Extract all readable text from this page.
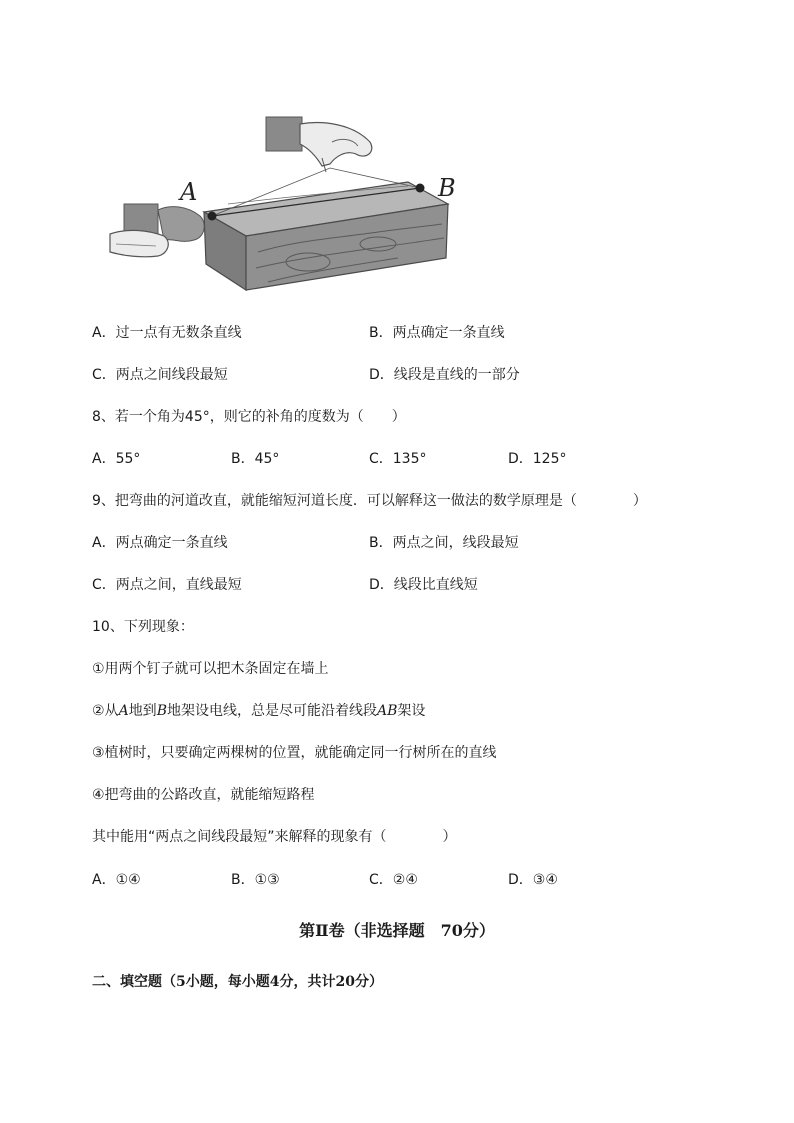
A	B
A．过一点有无数条直线	B．两点确定一条直线
C．两点之间线段最短	D．线段是直线的一部分
8、若一个角为45°，则它的补角的度数为（　　）
A．55°	B．45°	C．135°	D．125°
9、把弯曲的河道改直，就能缩短河道长度．可以解释这一做法的数学原理是（　　　　）
A．两点确定一条直线	B．两点之间，线段最短
C．两点之间，直线最短	D．线段比直线短
10、下列现象：
①用两个钉子就可以把木条固定在墙上
②从A地到B地架设电线，总是尽可能沿着线段AB架设
③植树时，只要确定两棵树的位置，就能确定同一行树所在的直线
④把弯曲的公路改直，就能缩短路程
其中能用“两点之间线段最短”来解释的现象有（　　　　）
A．①④	B．①③	C．②④	D．③④
第Ⅱ卷（非选择题　70分）
二、填空题（5小题，每小题4分，共计20分）
